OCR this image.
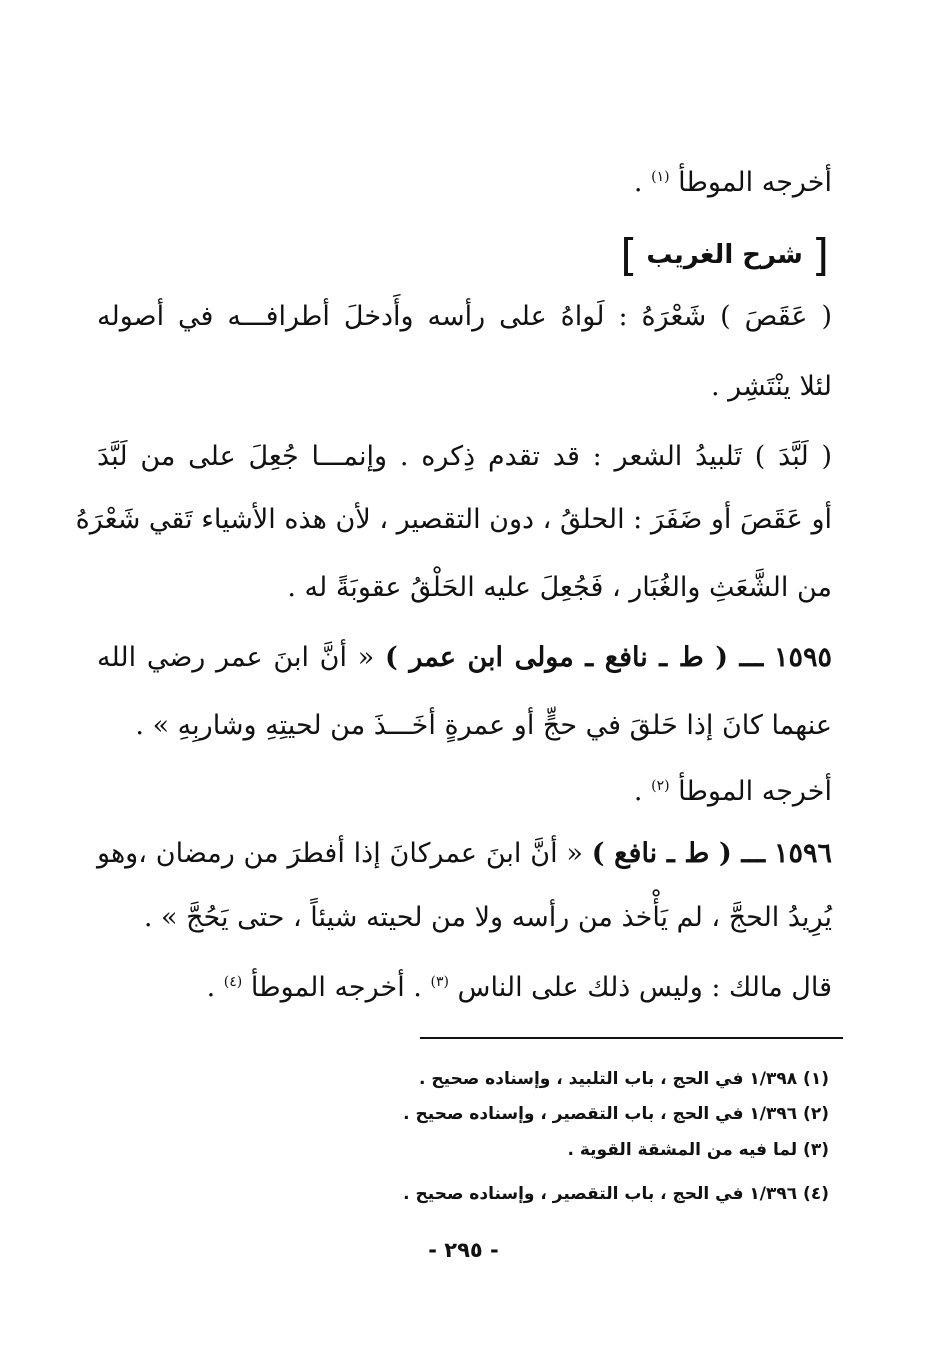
أخرجه الموطأ $^{(١)}$ .
[ شرح الغريب ]
( عَقَصَ ) شَعْرَهُ : لَواهُ على رأسه وأَدخلَ أطرافـــه في أصوله
لئلا ينْتَشِر .
( لَبَّدَ ) تَلبيدُ الشعر : قد تقدم ذِكره . وإنمـــا جُعِلَ على من لَبَّدَ
أو عَقَصَ أو ضَفَرَ : الحلقُ ، دون التقصير ، لأن هذه الأشياء تَقي شَعْرَهُ
من الشَّعَثِ والغُبَار ، فَجُعِلَ عليه الحَلْقُ عقوبَةً له .
١٥٩٥ ـــ ( ط ـ نافع ـ مولى ابن عمر ) « أنَّ ابنَ عمر رضي الله
عنهما كانَ إذا حَلقَ في حجٍّ أو عمرةٍ أخَـــذَ من لحيتِهِ وشاربِهِ » .
أخرجه الموطأ $^{(٢)}$ .
١٥٩٦ ـــ ( ط ـ نافع ) « أنَّ ابنَ عمركانَ إذا أفطرَ من رمضان ،وهو
يُرِيدُ الحجَّ ، لم يَأْخذ من رأسه ولا من لحيته شيئاً ، حتى يَحُجَّ » .
قال مالك : وليس ذلك على الناس $^{(٣)}$ . أخرجه الموطأ $^{(٤)}$ .
(١) ١/٣٩٨ في الحج ، باب التلبيد ، وإسناده صحيح .
(٢) ١/٣٩٦ في الحج ، باب التقصير ، وإسناده صحيح .
(٣) لما فيه من المشقة القوية .
(٤) ١/٣٩٦ في الحج ، باب التقصير ، وإسناده صحيح .
- ٢٩٥ -
